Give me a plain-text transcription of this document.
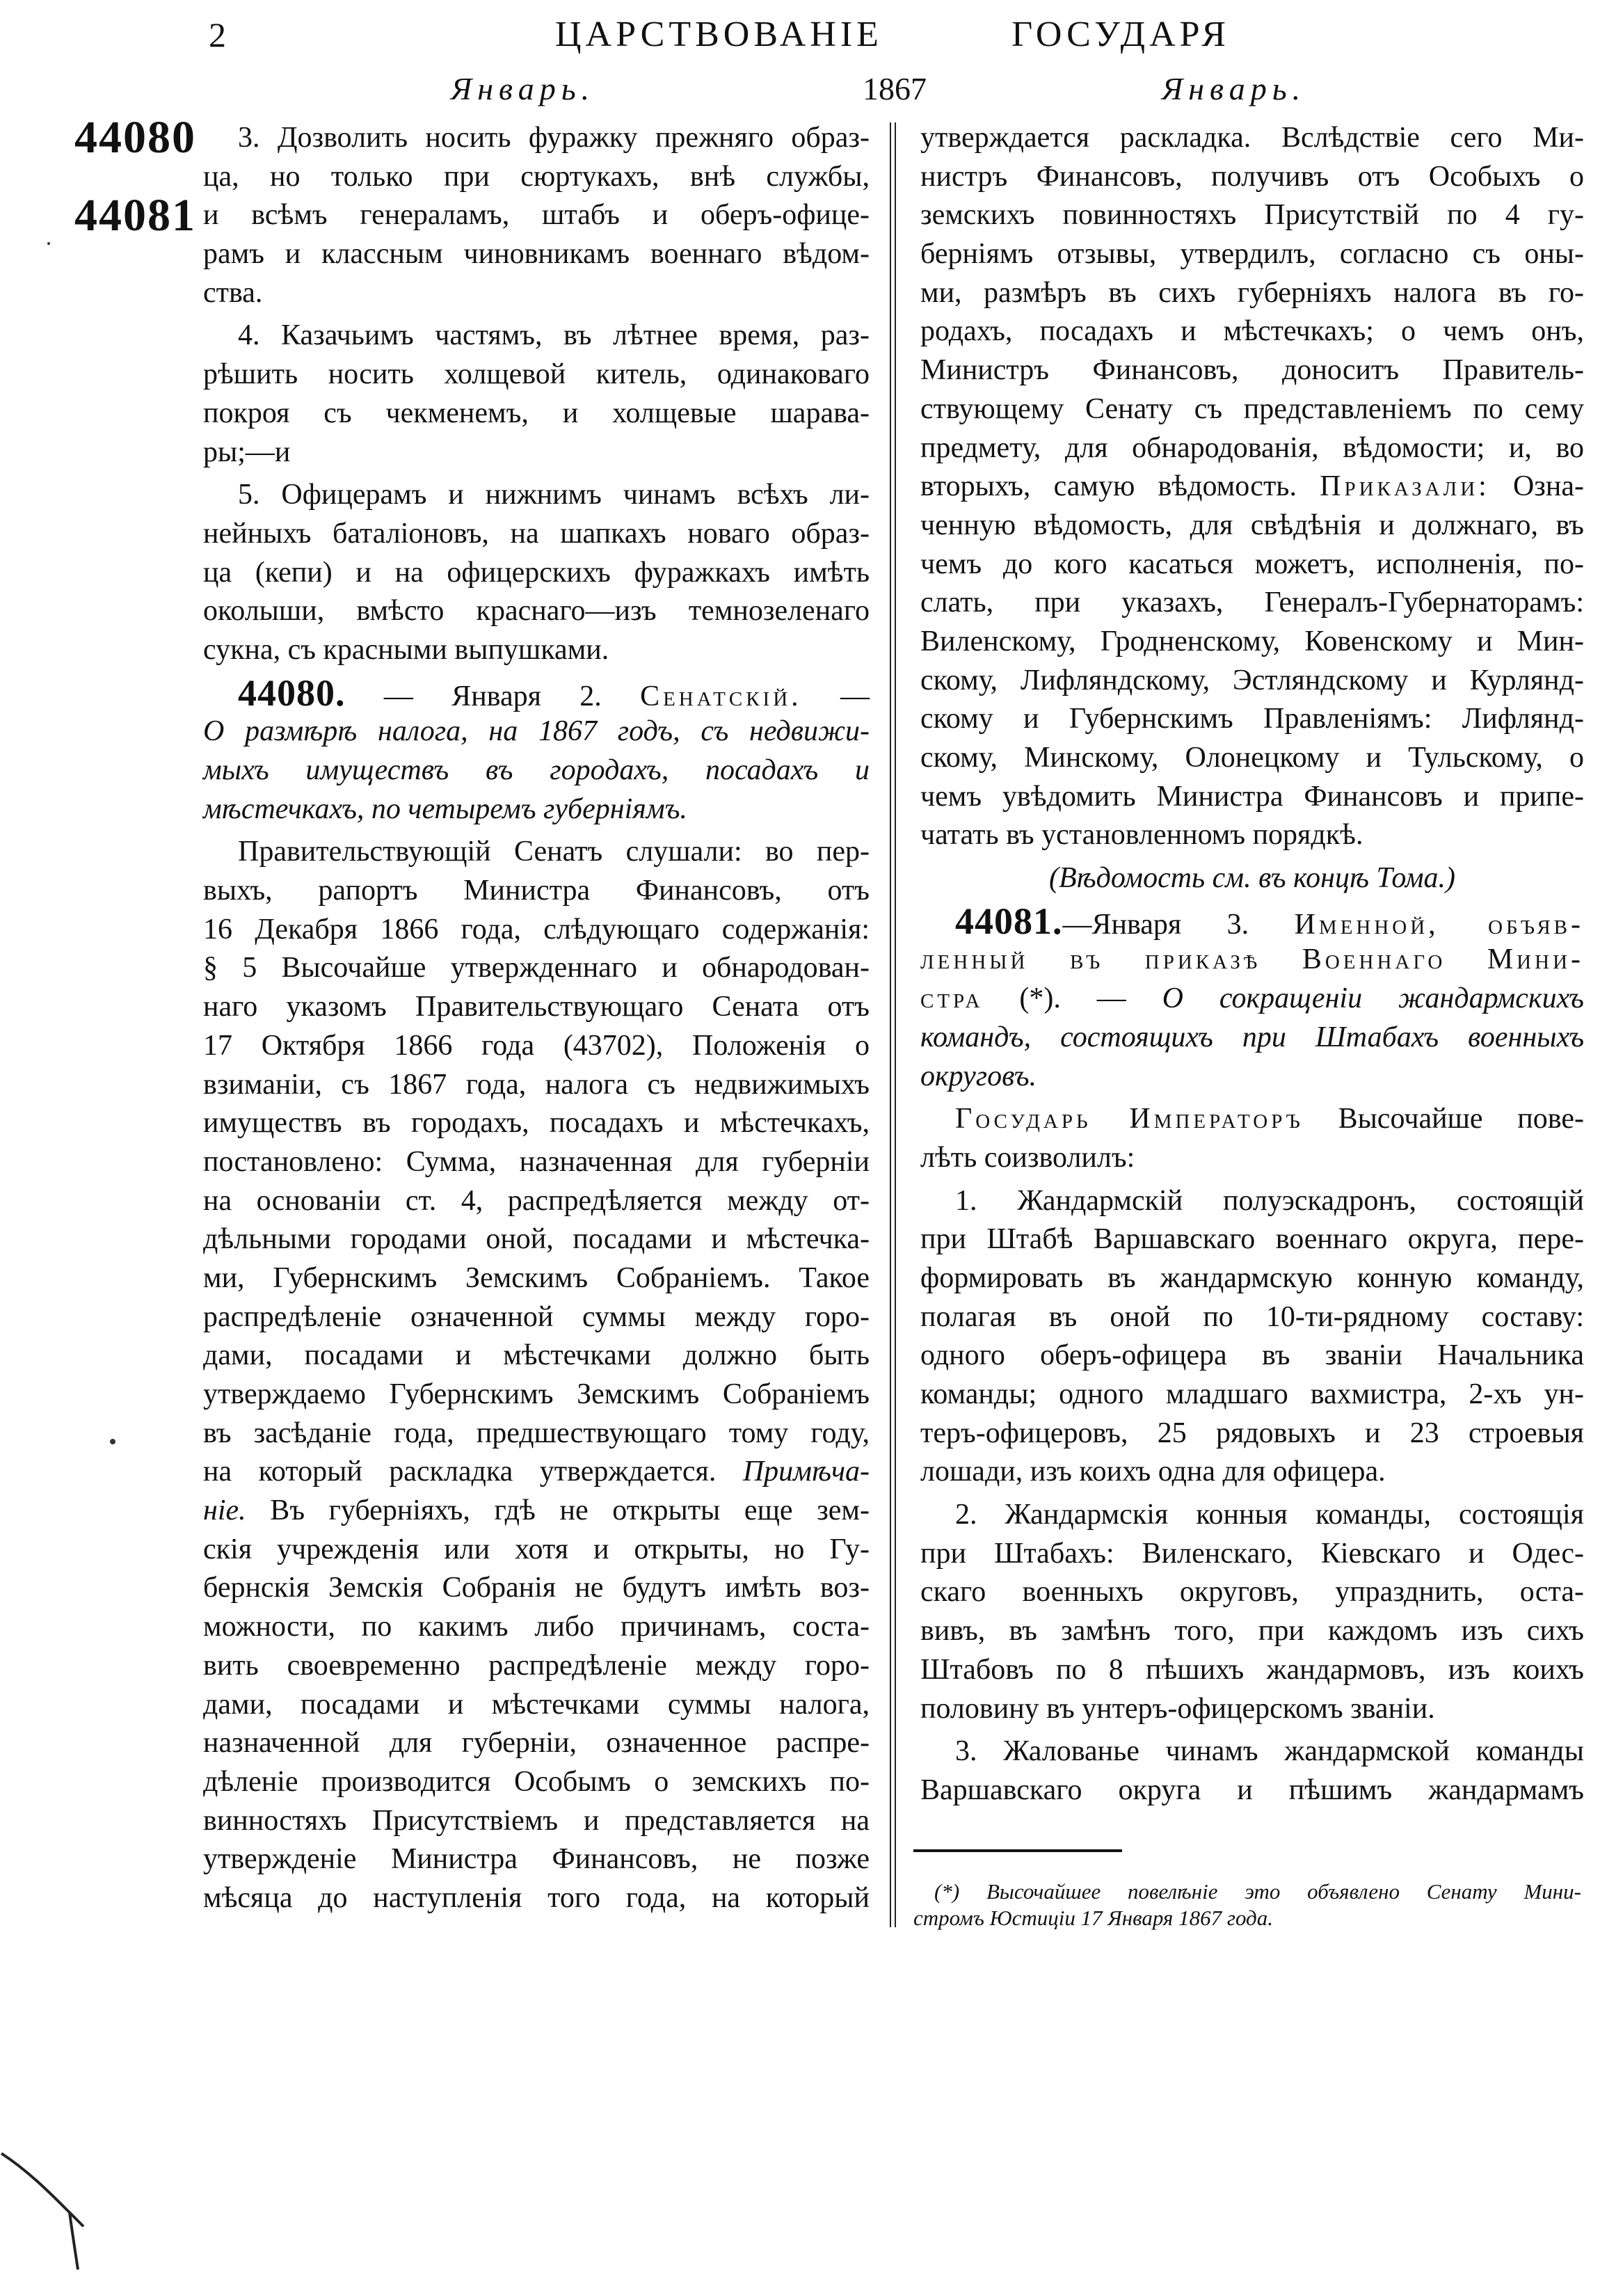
2	ЦАРСТВОВАНІЕ ГОСУДАРЯ
Январь.	1867	Январь.
44080
44081
3. Дозволить носить фуражку прежняго образ-
ца, но только при сюртукахъ, внѣ службы,
и всѣмъ генераламъ, штабъ и оберъ-офице-
рамъ и классным чиновникамъ военнаго вѣдом-
ства.
4. Казачьимъ частямъ, въ лѣтнее время, раз-
рѣшить носить холщевой китель, одинаковаго
покроя съ чекменемъ, и холщевые шарава-
ры;—и
5. Офицерамъ и нижнимъ чинамъ всѣхъ ли-
нейныхъ баталіоновъ, на шапкахъ новаго образ-
ца (кепи) и на офицерскихъ фуражкахъ имѣть
околыши, вмѣсто краснаго—изъ темнозеленаго
сукна, съ красными выпушками.
44080. — Января 2. Сенатскій. —
О размѣрѣ налога, на 1867 годъ, съ недвижи-
мыхъ имуществъ въ городахъ, посадахъ и
мѣстечкахъ, по четыремъ губерніямъ.
Правительствующій Сенатъ слушали: во пер-
выхъ, рапортъ Министра Финансовъ, отъ
16 Декабря 1866 года, слѣдующаго содержанія:
§ 5 Высочайше утвержденнаго и обнародован-
наго указомъ Правительствующаго Сената отъ
17 Октября 1866 года (43702), Положенія о
взиманіи, съ 1867 года, налога съ недвижимыхъ
имуществъ въ городахъ, посадахъ и мѣстечкахъ,
постановлено: Сумма, назначенная для губерніи
на основаніи ст. 4, распредѣляется между от-
дѣльными городами оной, посадами и мѣстечка-
ми, Губернскимъ Земскимъ Собраніемъ. Такое
распредѣленіе означенной суммы между горо-
дами, посадами и мѣстечками должно быть
утверждаемо Губернскимъ Земскимъ Собраніемъ
въ засѣданіе года, предшествующаго тому году,
на который раскладка утверждается. Примѣча-
ніе. Въ губерніяхъ, гдѣ не открыты еще зем-
скія учрежденія или хотя и открыты, но Гу-
бернскія Земскія Собранія не будутъ имѣть воз-
можности, по какимъ либо причинамъ, соста-
вить своевременно распредѣленіе между горо-
дами, посадами и мѣстечками суммы налога,
назначенной для губерніи, означенное распре-
дѣленіе производится Особымъ о земскихъ по-
винностяхъ Присутствіемъ и представляется на
утвержденіе Министра Финансовъ, не позже
мѣсяца до наступленія того года, на который
утверждается раскладка. Вслѣдствіе сего Ми-
нистръ Финансовъ, получивъ отъ Особыхъ о
земскихъ повинностяхъ Присутствій по 4 гу-
берніямъ отзывы, утвердилъ, согласно съ оны-
ми, размѣръ въ сихъ губерніяхъ налога въ го-
родахъ, посадахъ и мѣстечкахъ; о чемъ онъ,
Министръ Финансовъ, доноситъ Правитель-
ствующему Сенату съ представленіемъ по сему
предмету, для обнародованія, вѣдомости; и, во
вторыхъ, самую вѣдомость. Приказали: Озна-
ченную вѣдомость, для свѣдѣнія и должнаго, въ
чемъ до кого касаться можетъ, исполненія, по-
слать, при указахъ, Генералъ-Губернаторамъ:
Виленскому, Гродненскому, Ковенскому и Мин-
скому, Лифляндскому, Эстляндскому и Курлянд-
скому и Губернскимъ Правленіямъ: Лифлянд-
скому, Минскому, Олонецкому и Тульскому, о
чемъ увѣдомить Министра Финансовъ и припе-
чатать въ установленномъ порядкѣ.
(Вѣдомость см. въ концѣ Тома.)
44081.—Января 3. Именной, объяв-
ленный въ приказѣ Военнаго Мини-
стра (*). — О сокращеніи жандармскихъ
командъ, состоящихъ при Штабахъ военныхъ
округовъ.
Государь Императоръ Высочайше пове-
лѣть соизволилъ:
1. Жандармскій полуэскадронъ, состоящій
при Штабѣ Варшавскаго военнаго округа, пере-
формировать въ жандармскую конную команду,
полагая въ оной по 10-ти-рядному составу:
одного оберъ-офицера въ званіи Начальника
команды; одного младшаго вахмистра, 2-хъ ун-
теръ-офицеровъ, 25 рядовыхъ и 23 строевыя
лошади, изъ коихъ одна для офицера.
2. Жандармскія конныя команды, состоящія
при Штабахъ: Виленскаго, Кіевскаго и Одес-
скаго военныхъ округовъ, упразднить, оста-
вивъ, въ замѣнъ того, при каждомъ изъ сихъ
Штабовъ по 8 пѣшихъ жандармовъ, изъ коихъ
половину въ унтеръ-офицерскомъ званіи.
3. Жалованье чинамъ жандармской команды
Варшавскаго округа и пѣшимъ жандармамъ
(*) Высочайшее повелѣніе это объявлено Сенату Мини-
стромъ Юстиціи 17 Января 1867 года.
